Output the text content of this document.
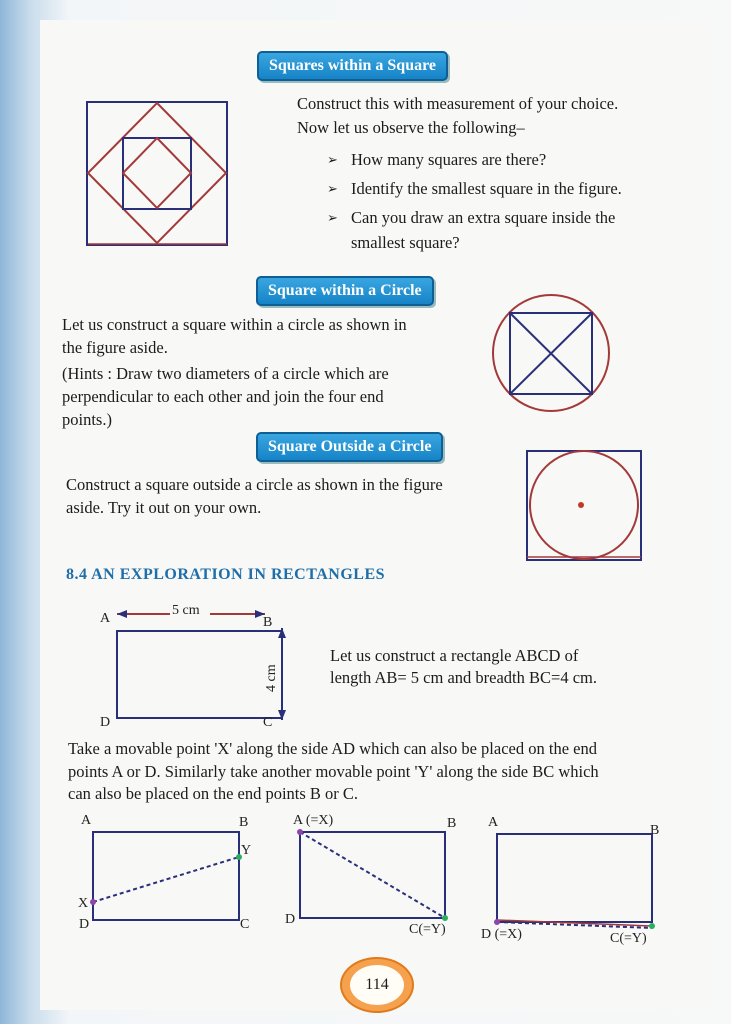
Squares within a Square
Construct this with measurement of your choice.
Now let us observe the following–
➢ How many squares are there?
➢ Identify the smallest square in the figure.
➢ Can you draw an extra square inside the
smallest square?
Square within a Circle
Let us construct a square within a circle as shown in
the figure aside.
(Hints : Draw two diameters of a circle which are
perpendicular to each other and join the four end
points.)
Square Outside a Circle
Construct a square outside a circle as shown in the figure
aside. Try it out on your own.
8.4 AN EXPLORATION IN RECTANGLES
A	B
C
D
5 cm
4 cm
Let us construct a rectangle ABCD of
length AB= 5 cm and breadth BC=4 cm.
Take a movable point 'X' along the side AD which can also be placed on the end
points A or D. Similarly take another movable point 'Y' along the side BC which
can also be placed on the end points B or C.
A	B
C
D
X
Y
A (=X)	B
C(=Y)
D
A
B
C(=Y)
D (=X)
114
